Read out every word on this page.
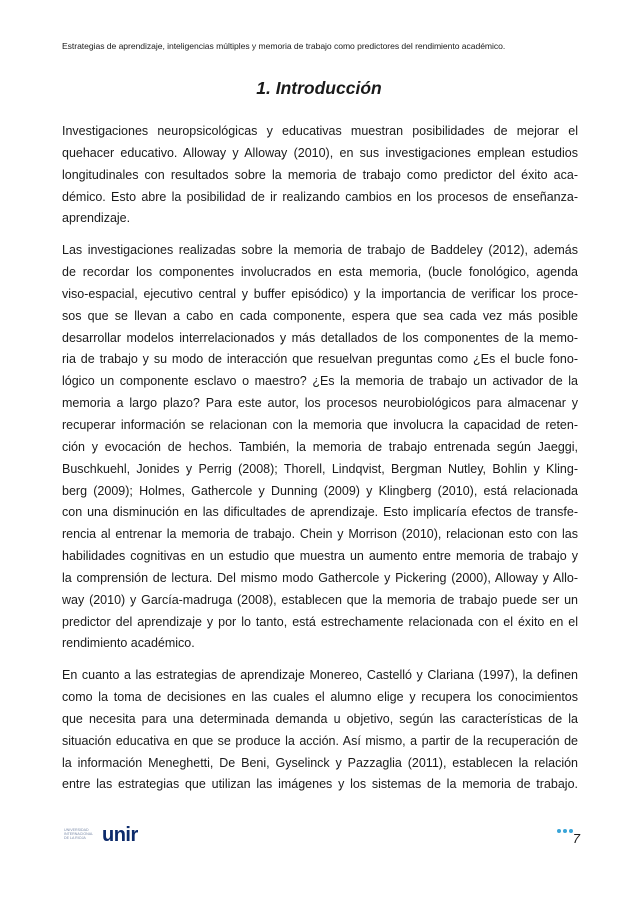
Estrategias de aprendizaje, inteligencias múltiples y memoria de trabajo como predictores del rendimiento académico.
1. Introducción

Investigaciones neuropsicológicas y educativas muestran posibilidades de mejorar el
quehacer educativo. Alloway y Alloway (2010), en sus investigaciones emplean estudios
longitudinales con resultados sobre la memoria de trabajo como predictor del éxito aca-
démico. Esto abre la posibilidad de ir realizando cambios en los procesos de enseñanza-
aprendizaje.

Las investigaciones realizadas sobre la memoria de trabajo de Baddeley (2012), además
de recordar los componentes involucrados en esta memoria, (bucle fonológico, agenda
viso-espacial, ejecutivo central y buffer episódico) y la importancia de verificar los proce-
sos que se llevan a cabo en cada componente, espera que sea cada vez más posible
desarrollar modelos interrelacionados y más detallados de los componentes de la memo-
ria de trabajo y su modo de interacción que resuelvan preguntas como ¿Es el bucle fono-
lógico un componente esclavo o maestro? ¿Es la memoria de trabajo un activador de la
memoria a largo plazo? Para este autor, los procesos neurobiológicos para almacenar y
recuperar información se relacionan con la memoria que involucra la capacidad de reten-
ción y evocación de hechos. También, la memoria de trabajo entrenada según Jaeggi,
Buschkuehl, Jonides y Perrig (2008); Thorell, Lindqvist, Bergman Nutley, Bohlin y Kling-
berg (2009); Holmes, Gathercole y Dunning (2009) y Klingberg (2010), está relacionada
con una disminución en las dificultades de aprendizaje. Esto implicaría efectos de transfe-
rencia al entrenar la memoria de trabajo. Chein y Morrison (2010), relacionan esto con las
habilidades cognitivas en un estudio que muestra un aumento entre memoria de trabajo y
la comprensión de lectura. Del mismo modo Gathercole y Pickering (2000), Alloway y Allo-
way (2010) y García-madruga (2008), establecen que la memoria de trabajo puede ser un
predictor del aprendizaje y por lo tanto, está estrechamente relacionada con el éxito en el
rendimiento académico.

En cuanto a las estrategias de aprendizaje Monereo, Castelló y Clariana (1997), la definen
como la toma de decisiones en las cuales el alumno elige y recupera los conocimientos
que necesita para una determinada demanda u objetivo, según las características de la
situación educativa en que se produce la acción. Así mismo, a partir de la recuperación de
la información Meneghetti, De Beni, Gyselinck y Pazzaglia (2011), establecen la relación
entre las estrategias que utilizan las imágenes y los sistemas de la memoria de trabajo.

UNIVERSIDAD INTERNACIONAL DE LA RIOJA unir	7
